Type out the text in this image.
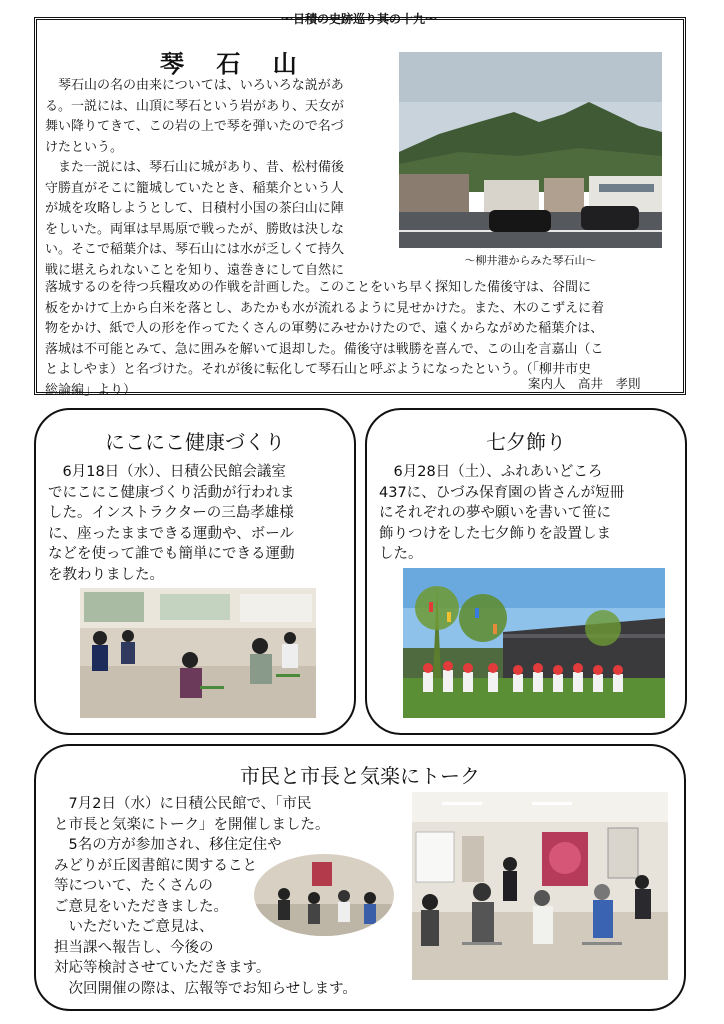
～日積の史跡巡り其の十九～
琴 石 山

　琴石山の名の由来については、いろいろな説があ

る。一説には、山頂に琴石という岩があり、天女が

舞い降りてきて、この岩の上で琴を弾いたので名づ

けたという。

　また一説には、琴石山に城があり、昔、松村備後

守勝直がそこに籠城していたとき、稲葉介という人

が城を攻略しようとして、日積村小国の茶臼山に陣

をしいた。両軍は早馬原で戦ったが、勝敗は決しな

い。そこで稲葉介は、琴石山には水が乏しくて持久

戦に堪えられないことを知り、遠巻きにして自然に

～柳井港からみた琴石山～

落城するのを待つ兵糧攻めの作戦を計画した。このことをいち早く探知した備後守は、谷間に

板をかけて上から白米を落とし、あたかも水が流れるように見せかけた。また、木のこずえに着

物をかけ、紙で人の形を作ってたくさんの軍勢にみせかけたので、遠くからながめた稲葉介は、

落城は不可能とみて、急に囲みを解いて退却した。備後守は戦勝を喜んで、この山を言嘉山（こ

とよしやま）と名づけた。それが後に転化して琴石山と呼ぶようになったという。（「柳井市史

総論編」より）	案内人　高井　孝則
にこにこ健康づくり

　6月18日（水）、日積公民館会議室

でにこにこ健康づくり活動が行われま

した。インストラクターの三島孝雄様

に、座ったままできる運動や、ボール

などを使って誰でも簡単にできる運動

を教わりました。

七夕飾り

　6月28日（土）、ふれあいどころ

437に、ひづみ保育園の皆さんが短冊

にそれぞれの夢や願いを書いて笹に

飾りつけをした七夕飾りを設置しま

した。

市民と市長と気楽にトーク

　7月2日（水）に日積公民館で、「市民

と市長と気楽にトーク」を開催しました。

　5名の方が参加され、移住定住や

みどりが丘図書館に関すること

等について、たくさんの

ご意見をいただきました。

　いただいたご意見は、

担当課へ報告し、今後の

対応等検討させていただきます。

　次回開催の際は、広報等でお知らせします。
